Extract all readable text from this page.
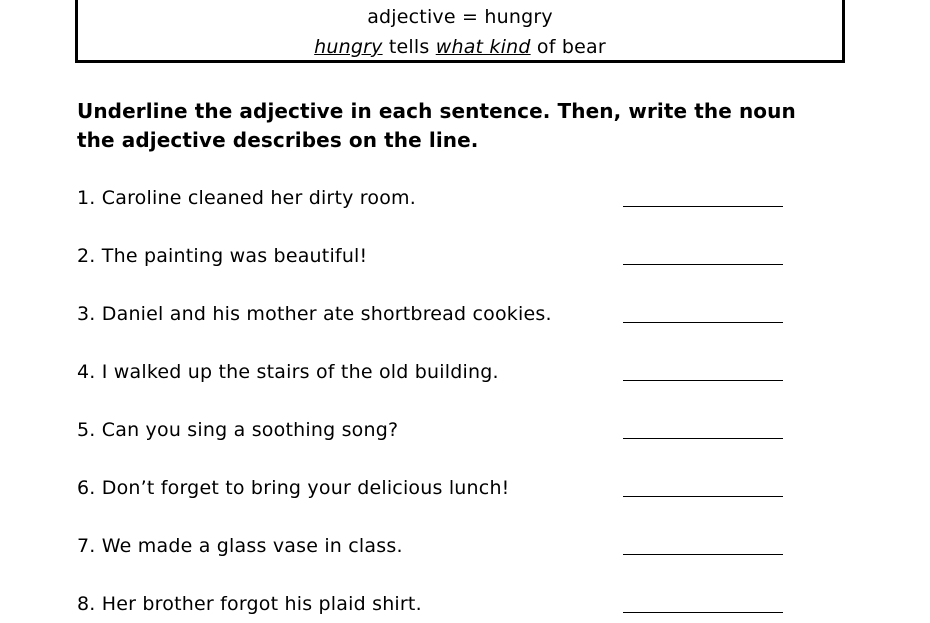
adjective = hungry
hungry tells what kind of bear
Underline the adjective in each sentence. Then, write the noun the adjective describes on the line.
1. Caroline cleaned her dirty room.
2. The painting was beautiful!
3. Daniel and his mother ate shortbread cookies.
4. I walked up the stairs of the old building.
5. Can you sing a soothing song?
6. Don’t forget to bring your delicious lunch!
7. We made a glass vase in class.
8. Her brother forgot his plaid shirt.
